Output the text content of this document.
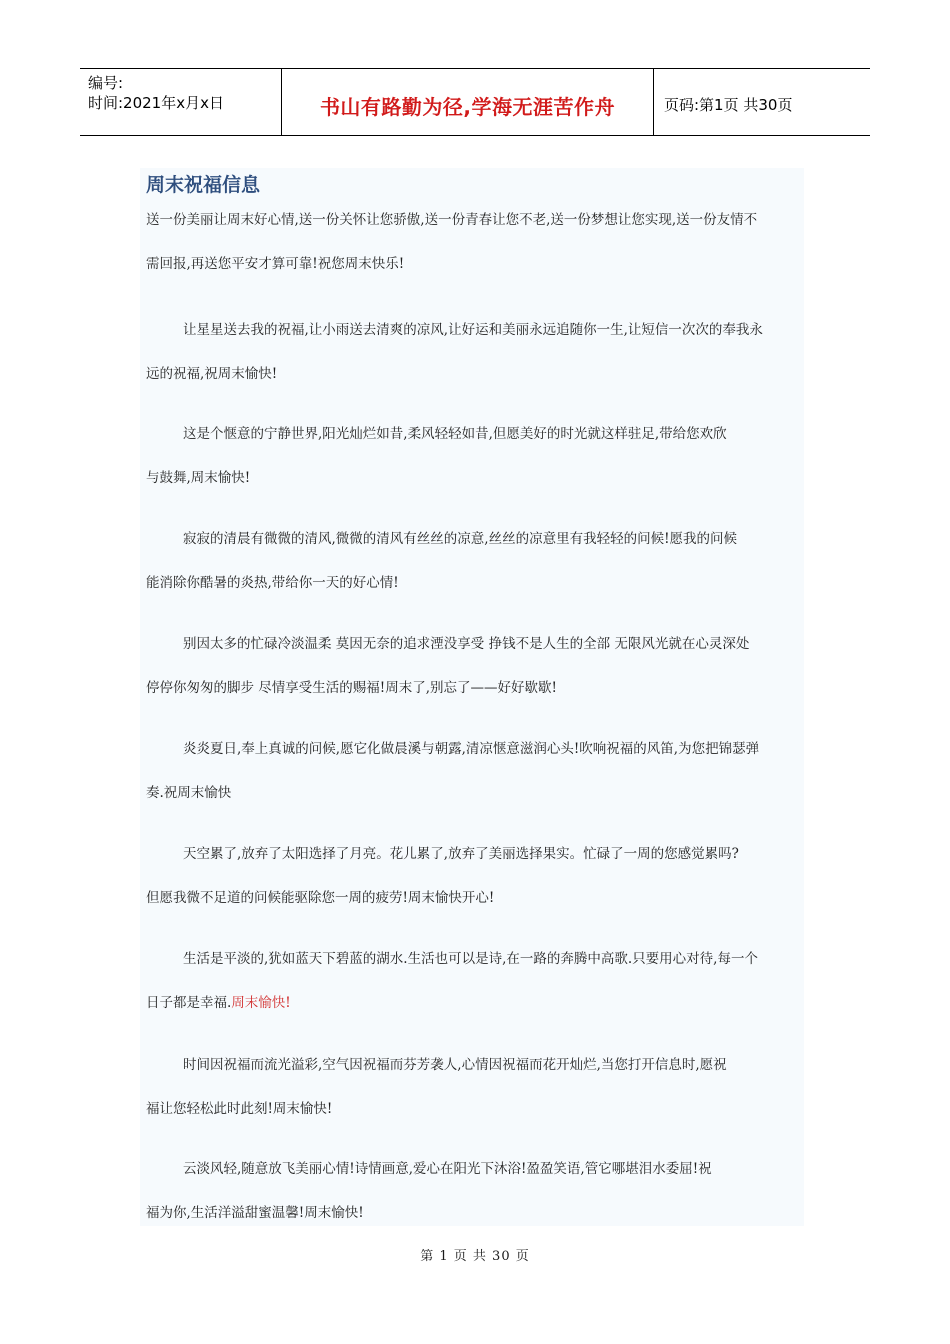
编号:
时间:2021年x月x日	书山有路勤为径,学海无涯苦作舟	页码:第1页 共30页
周末祝福信息
送一份美丽让周末好心情,送一份关怀让您骄傲,送一份青春让您不老,送一份梦想让您实现,送一份友情不
需回报,再送您平安才算可靠!祝您周末快乐!
让星星送去我的祝福,让小雨送去清爽的凉风,让好运和美丽永远追随你一生,让短信一次次的奉我永
远的祝福,祝周末愉快!
这是个惬意的宁静世界,阳光灿烂如昔,柔风轻轻如昔,但愿美好的时光就这样驻足,带给您欢欣
与鼓舞,周末愉快!
寂寂的清晨有微微的清风,微微的清风有丝丝的凉意,丝丝的凉意里有我轻轻的问候!愿我的问候
能消除你酷暑的炎热,带给你一天的好心情!
别因太多的忙碌冷淡温柔 莫因无奈的追求湮没享受 挣钱不是人生的全部 无限风光就在心灵深处
停停你匆匆的脚步 尽情享受生活的赐福!周末了,别忘了——好好歇歇!
炎炎夏日,奉上真诚的问候,愿它化做晨溪与朝露,清凉惬意滋润心头!吹响祝福的风笛,为您把锦瑟弹
奏.祝周末愉快
天空累了,放弃了太阳选择了月亮。花儿累了,放弃了美丽选择果实。忙碌了一周的您感觉累吗?
但愿我微不足道的问候能驱除您一周的疲劳!周末愉快开心!
生活是平淡的,犹如蓝天下碧蓝的湖水.生活也可以是诗,在一路的奔腾中高歌.只要用心对待,每一个
日子都是幸福.周末愉快!
时间因祝福而流光溢彩,空气因祝福而芬芳袭人,心情因祝福而花开灿烂,当您打开信息时,愿祝
福让您轻松此时此刻!周末愉快!
云淡风轻,随意放飞美丽心情!诗情画意,爱心在阳光下沐浴!盈盈笑语,管它哪堪泪水委屈!祝
福为你,生活洋溢甜蜜温馨!周末愉快!
第 1 页 共 30 页
